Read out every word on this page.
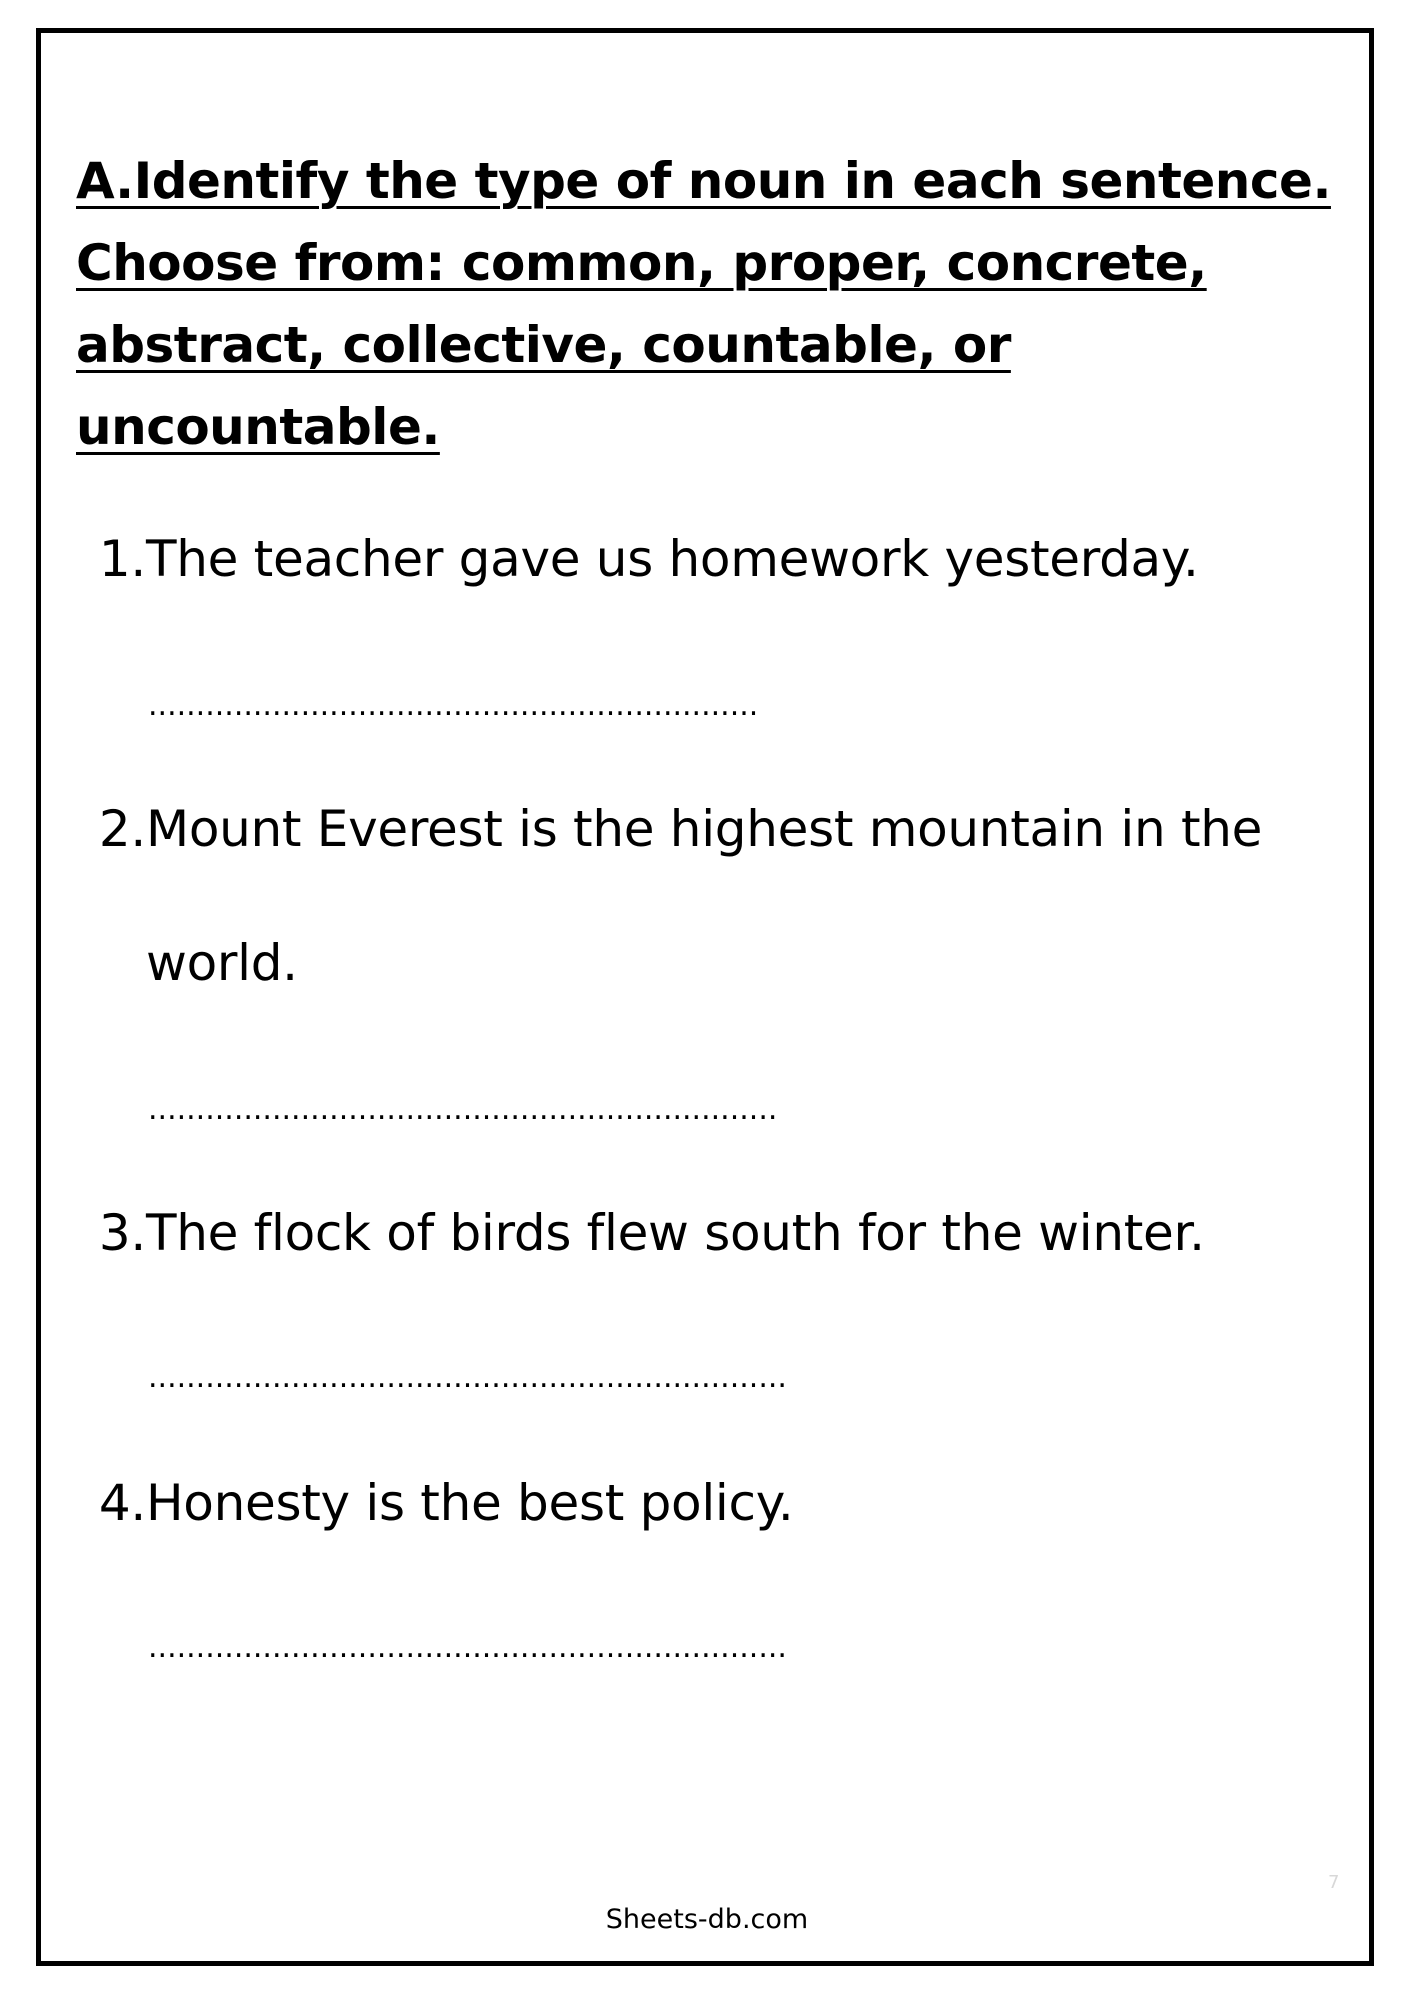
A.Identify the type of noun in each sentence. Choose from: common, proper, concrete, abstract, collective, countable, or uncountable.
1. The teacher gave us homework yesterday.
................................................................
2. Mount Everest is the highest mountain in the world.
..................................................................
3. The flock of birds flew south for the winter.
...................................................................
4. Honesty is the best policy.
...................................................................
7
Sheets-db.com
